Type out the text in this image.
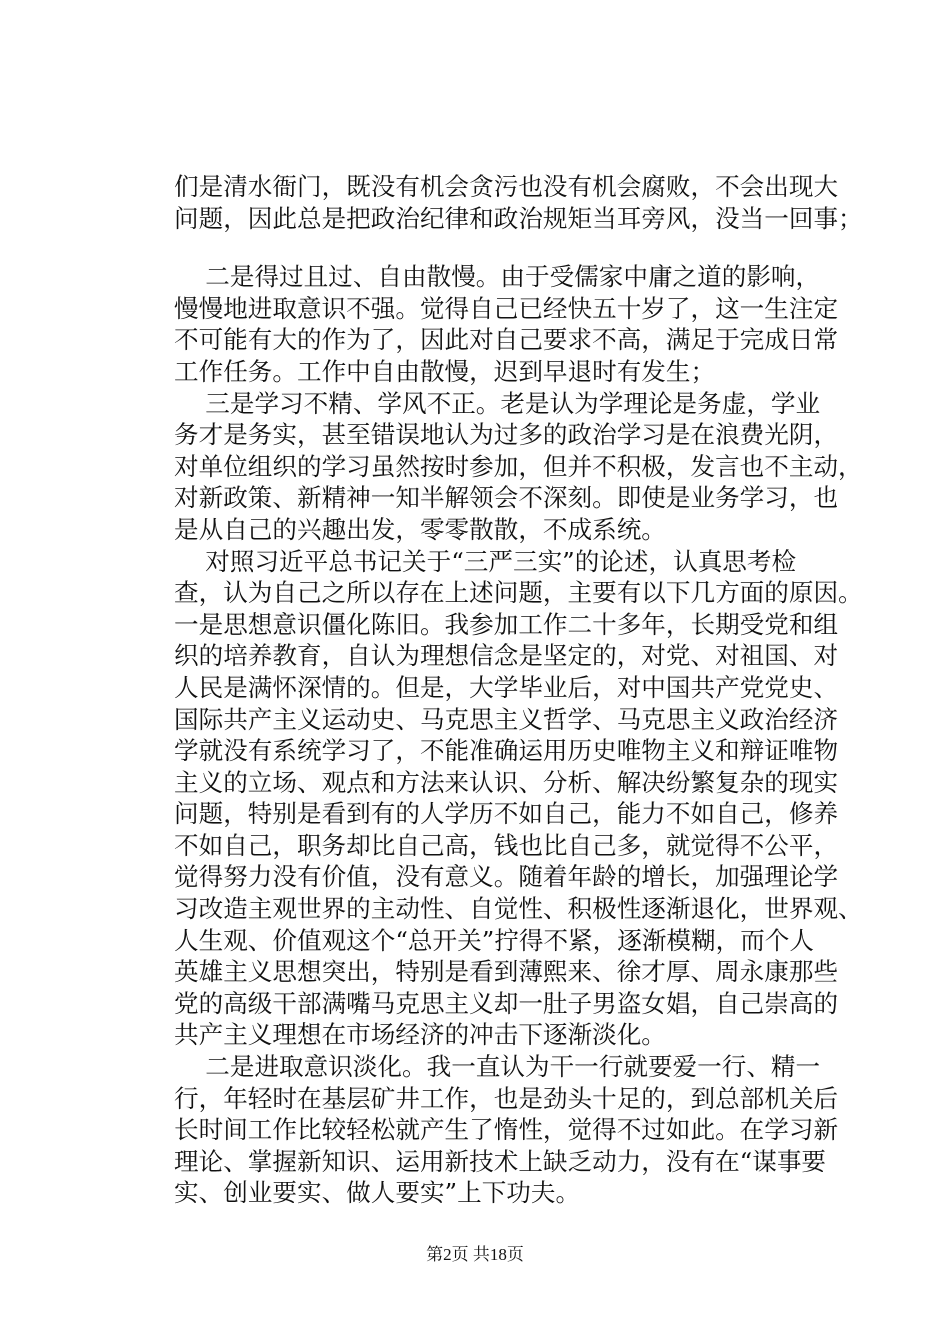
们是清水衙门，既没有机会贪污也没有机会腐败，不会出现大
问题，因此总是把政治纪律和政治规矩当耳旁风，没当一回事；
二是得过且过、自由散慢。由于受儒家中庸之道的影响，
慢慢地进取意识不强。觉得自己已经快五十岁了，这一生注定
不可能有大的作为了，因此对自己要求不高，满足于完成日常
工作任务。工作中自由散慢，迟到早退时有发生；
三是学习不精、学风不正。老是认为学理论是务虚，学业
务才是务实，甚至错误地认为过多的政治学习是在浪费光阴，
对单位组织的学习虽然按时参加，但并不积极，发言也不主动，
对新政策、新精神一知半解领会不深刻。即使是业务学习，也
是从自己的兴趣出发，零零散散，不成系统。
对照习近平总书记关于“三严三实”的论述，认真思考检
查，认为自己之所以存在上述问题，主要有以下几方面的原因。
一是思想意识僵化陈旧。我参加工作二十多年，长期受党和组
织的培养教育，自认为理想信念是坚定的，对党、对祖国、对
人民是满怀深情的。但是，大学毕业后，对中国共产党党史、
国际共产主义运动史、马克思主义哲学、马克思主义政治经济
学就没有系统学习了，不能准确运用历史唯物主义和辩证唯物
主义的立场、观点和方法来认识、分析、解决纷繁复杂的现实
问题，特别是看到有的人学历不如自己，能力不如自己，修养
不如自己，职务却比自己高，钱也比自己多，就觉得不公平，
觉得努力没有价值，没有意义。随着年龄的增长，加强理论学
习改造主观世界的主动性、自觉性、积极性逐渐退化，世界观、
人生观、价值观这个“总开关”拧得不紧，逐渐模糊，而个人
英雄主义思想突出，特别是看到薄熙来、徐才厚、周永康那些
党的高级干部满嘴马克思主义却一肚子男盗女娼，自己崇高的
共产主义理想在市场经济的冲击下逐渐淡化。
二是进取意识淡化。我一直认为干一行就要爱一行、精一
行，年轻时在基层矿井工作，也是劲头十足的，到总部机关后
长时间工作比较轻松就产生了惰性，觉得不过如此。在学习新
理论、掌握新知识、运用新技术上缺乏动力，没有在“谋事要
实、创业要实、做人要实”上下功夫。
第2页 共18页
